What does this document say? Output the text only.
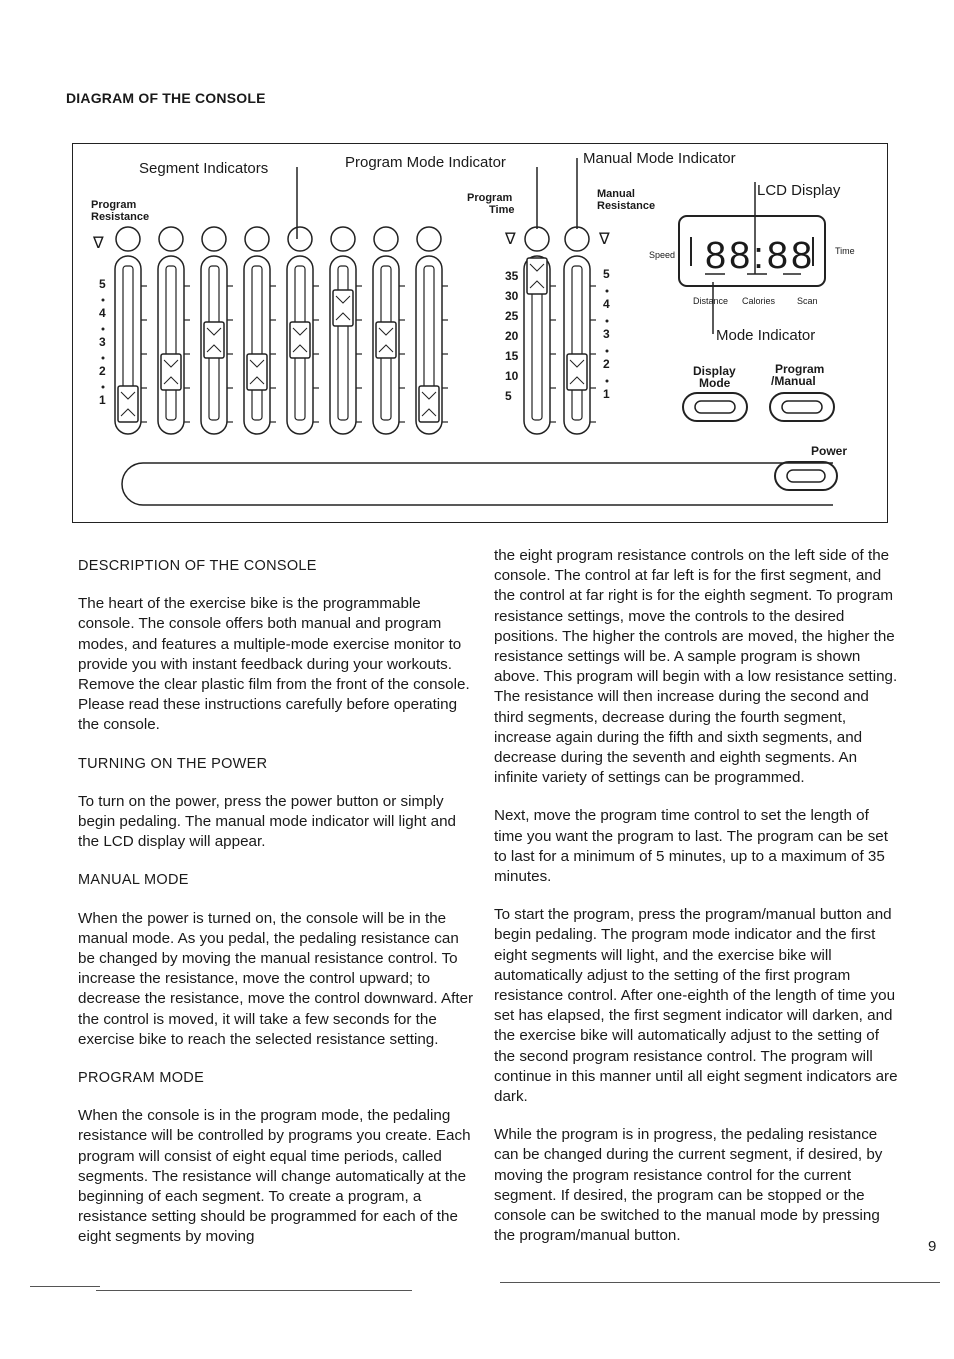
DIAGRAM OF THE CONSOLE
Segment Indicators	Program Mode Indicator	Manual Mode Indicator
LCD Display
Mode Indicator
Program
Resistance
Program
Time
Manual
Resistance
∇
5
4
3
2
1
∇
35
30
25
20
15
10
5
∇
5
4
3
2
1
88:88
Speed	Time
Distance Calories Scan
Display
Mode
Program
/Manual
Power
DESCRIPTION OF THE CONSOLE

The heart of the exercise bike is the programmable console. The console offers both manual and program modes, and features a multiple-mode exercise monitor to provide you with instant feedback during your workouts. Remove the clear plastic film from the front of the console. Please read these instructions carefully before operating the console.

TURNING ON THE POWER

To turn on the power, press the power button or simply begin pedaling. The manual mode indicator will light and the LCD display will appear.

MANUAL MODE

When the power is turned on, the console will be in the manual mode. As you pedal, the pedaling resistance can be changed by moving the manual resistance control. To increase the resistance, move the control upward; to decrease the resistance, move the control downward. After the control is moved, it will take a few seconds for the exercise bike to reach the selected resistance setting.

PROGRAM MODE

When the console is in the program mode, the pedaling resistance will be controlled by programs you create. Each program will consist of eight equal time periods, called segments. The resistance will change automatically at the beginning of each segment. To create a program, a resistance setting should be programmed for each of the eight segments by moving

the eight program resistance controls on the left side of the console. The control at far left is for the first segment, and the control at far right is for the eighth segment. To program resistance settings, move the controls to the desired positions. The higher the controls are moved, the higher the resistance settings will be. A sample program is shown above. This program will begin with a low resistance setting. The resistance will then increase during the second and third segments, decrease during the fourth segment, increase again during the fifth and sixth segments, and decrease during the seventh and eighth segments. An infinite variety of settings can be programmed.

Next, move the program time control to set the length of time you want the program to last. The program can be set to last for a minimum of 5 minutes, up to a maximum of 35 minutes.

To start the program, press the program/manual button and begin pedaling. The program mode indicator and the first eight segments will light, and the exercise bike will automatically adjust to the setting of the first program resistance control. After one-eighth of the length of time you set has elapsed, the first segment indicator will darken, and the exercise bike will automatically adjust to the setting of the second program resistance control. The program will continue in this manner until all eight segment indicators are dark.

While the program is in progress, the pedaling resistance can be changed during the current segment, if desired, by moving the program resistance control for the current segment. If desired, the program can be stopped or the console can be switched to the manual mode by pressing the program/manual button.

9
